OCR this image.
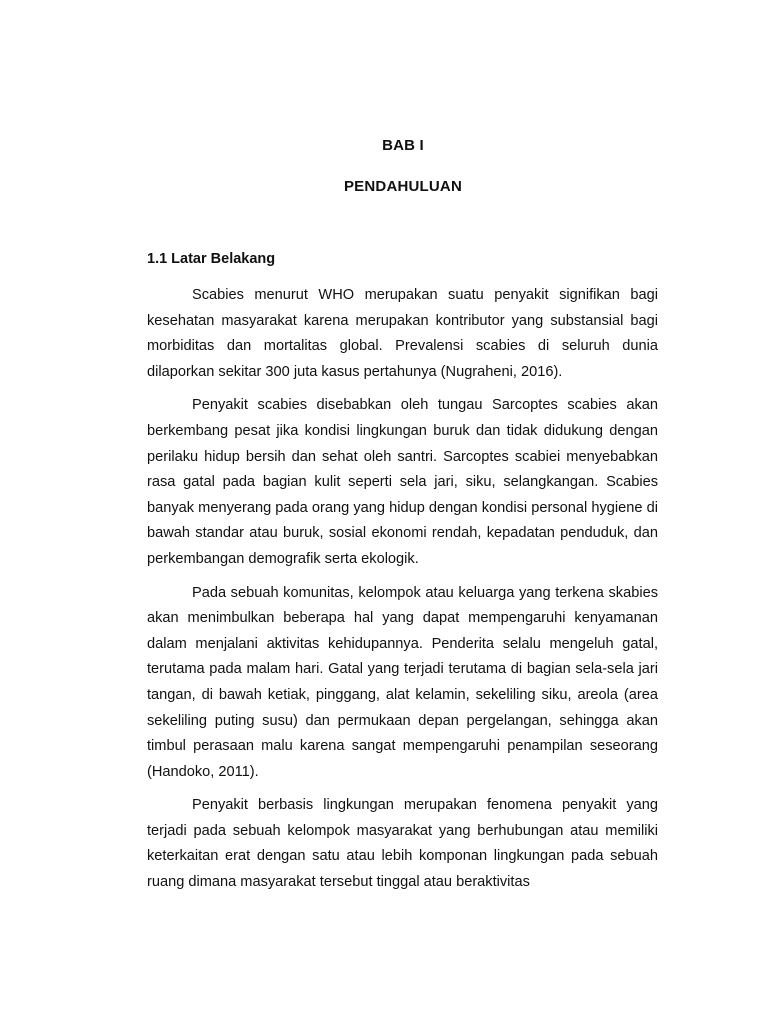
BAB I
PENDAHULUAN
1.1 Latar Belakang

Scabies menurut WHO merupakan suatu penyakit signifikan bagi kesehatan masyarakat karena merupakan kontributor yang substansial bagi morbiditas dan mortalitas global. Prevalensi scabies di seluruh dunia dilaporkan sekitar 300 juta kasus pertahunya (Nugraheni, 2016).

Penyakit scabies disebabkan oleh tungau Sarcoptes scabies akan berkembang pesat jika kondisi lingkungan buruk dan tidak didukung dengan perilaku hidup bersih dan sehat oleh santri. Sarcoptes scabiei menyebabkan rasa gatal pada bagian kulit seperti sela jari, siku, selangkangan. Scabies banyak menyerang pada orang yang hidup dengan kondisi personal hygiene di bawah standar atau buruk, sosial ekonomi rendah, kepadatan penduduk, dan perkembangan demografik serta ekologik.

Pada sebuah komunitas, kelompok atau keluarga yang terkena skabies akan menimbulkan beberapa hal yang dapat mempengaruhi kenyamanan dalam menjalani aktivitas kehidupannya. Penderita selalu mengeluh gatal, terutama pada malam hari. Gatal yang terjadi terutama di bagian sela-sela jari tangan, di bawah ketiak, pinggang, alat kelamin, sekeliling siku, areola (area sekeliling puting susu) dan permukaan depan pergelangan, sehingga akan timbul perasaan malu karena sangat mempengaruhi penampilan seseorang (Handoko, 2011).

Penyakit berbasis lingkungan merupakan fenomena penyakit yang terjadi pada sebuah kelompok masyarakat yang berhubungan atau memiliki keterkaitan erat dengan satu atau lebih komponan lingkungan pada sebuah ruang dimana masyarakat tersebut tinggal atau beraktivitas
